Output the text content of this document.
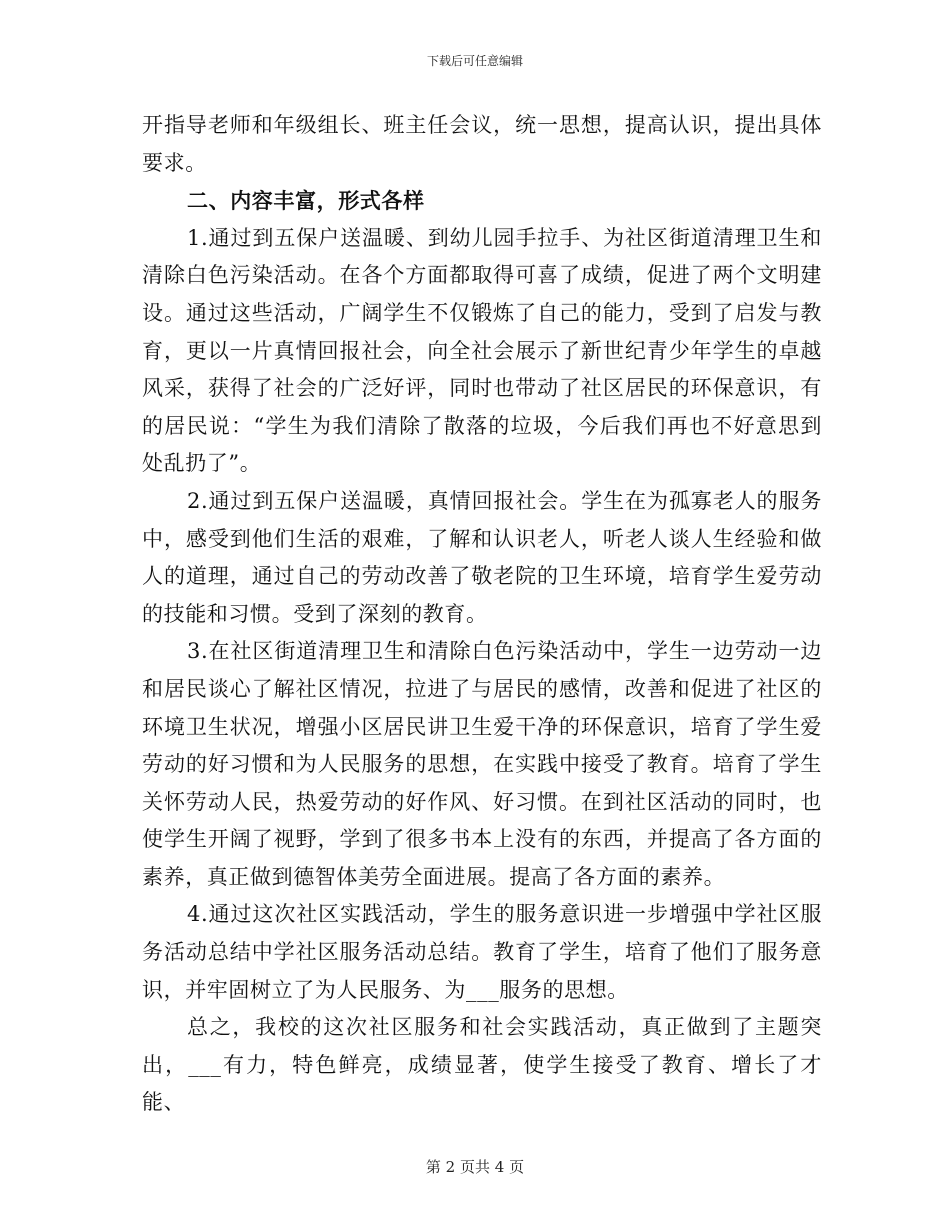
下载后可任意编辑

开指导老师和年级组长、班主任会议，统一思想，提高认识，提出具体要求。

二、内容丰富，形式各样

1.通过到五保户送温暖、到幼儿园手拉手、为社区街道清理卫生和清除白色污染活动。在各个方面都取得可喜了成绩，促进了两个文明建设。通过这些活动，广阔学生不仅锻炼了自己的能力，受到了启发与教育，更以一片真情回报社会，向全社会展示了新世纪青少年学生的卓越风采，获得了社会的广泛好评，同时也带动了社区居民的环保意识，有的居民说：“学生为我们清除了散落的垃圾，今后我们再也不好意思到处乱扔了”。

2.通过到五保户送温暖，真情回报社会。学生在为孤寡老人的服务中，感受到他们生活的艰难，了解和认识老人，听老人谈人生经验和做人的道理，通过自己的劳动改善了敬老院的卫生环境，培育学生爱劳动的技能和习惯。受到了深刻的教育。

3.在社区街道清理卫生和清除白色污染活动中，学生一边劳动一边和居民谈心了解社区情况，拉进了与居民的感情，改善和促进了社区的环境卫生状况，增强小区居民讲卫生爱干净的环保意识，培育了学生爱劳动的好习惯和为人民服务的思想，在实践中接受了教育。培育了学生关怀劳动人民，热爱劳动的好作风、好习惯。在到社区活动的同时，也使学生开阔了视野，学到了很多书本上没有的东西，并提高了各方面的素养，真正做到德智体美劳全面进展。提高了各方面的素养。

4.通过这次社区实践活动，学生的服务意识进一步增强中学社区服务活动总结中学社区服务活动总结。教育了学生，培育了他们了服务意识，并牢固树立了为人民服务、为___服务的思想。

总之，我校的这次社区服务和社会实践活动，真正做到了主题突出，___有力，特色鲜亮，成绩显著，使学生接受了教育、增长了才能、

第 2 页共 4 页
